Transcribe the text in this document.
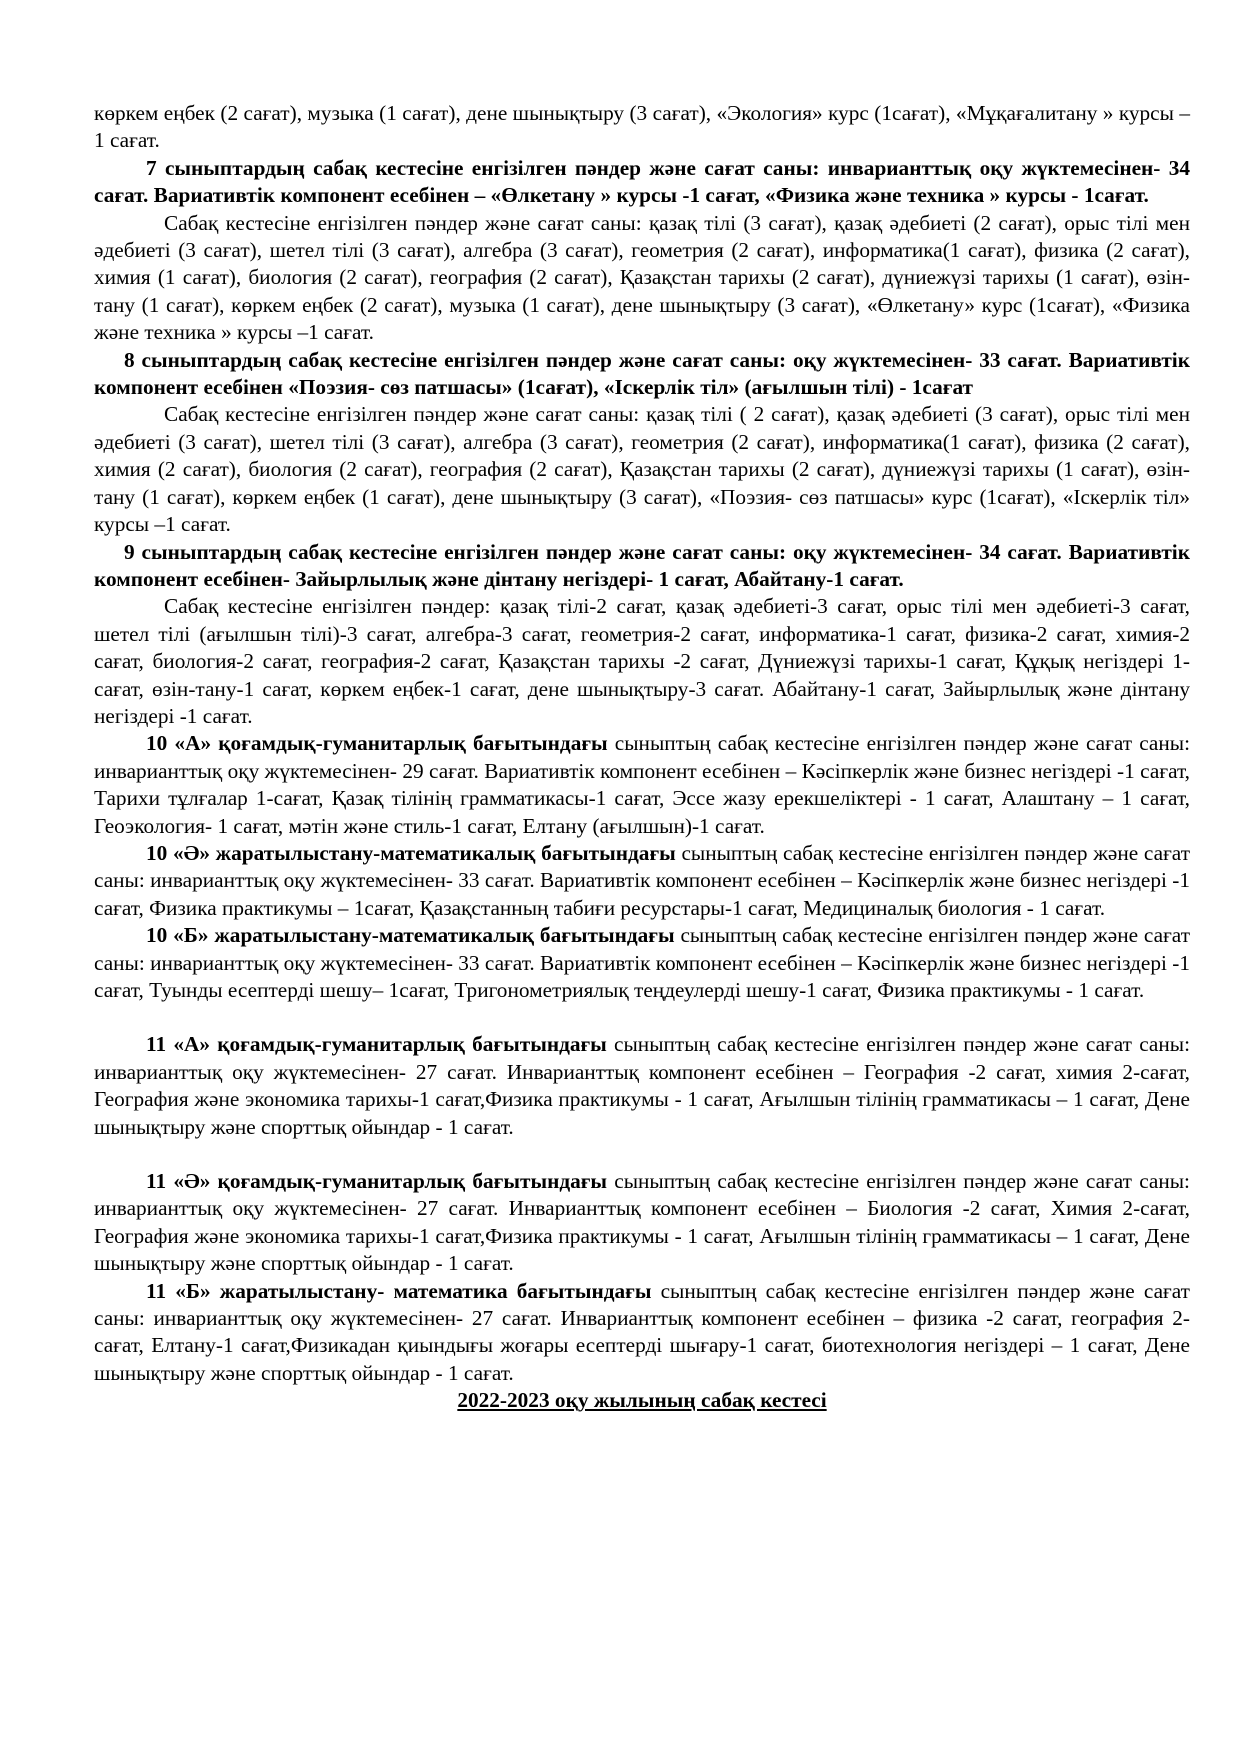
көркем еңбек (2 сағат), музыка (1 сағат), дене шынықтыру (3 сағат), «Экология» курс (1сағат), «Мұқағалитану » курсы –1 сағат.

7 сыныптардың сабақ кестесіне енгізілген пәндер және сағат саны: инварианттық оқу жүктемесінен- 34 сағат. Вариативтік компонент есебінен – «Өлкетану » курсы -1 сағат, «Физика және техника » курсы - 1сағат.

Сабақ кестесіне енгізілген пәндер және сағат саны: қазақ тілі (3 сағат), қазақ әдебиеті (2 сағат), орыс тілі мен әдебиеті (3 сағат), шетел тілі (3 сағат), алгебра (3 сағат), геометрия (2 сағат), информатика(1 сағат), физика (2 сағат), химия (1 сағат), биология (2 сағат), география (2 сағат), Қазақстан тарихы (2 сағат), дүниежүзі тарихы (1 сағат), өзін-тану (1 сағат), көркем еңбек (2 сағат), музыка (1 сағат), дене шынықтыру (3 сағат), «Өлкетану» курс (1сағат), «Физика және техника » курсы –1 сағат.

8 сыныптардың сабақ кестесіне енгізілген пәндер және сағат саны: оқу жүктемесінен- 33 сағат. Вариативтік компонент есебінен «Поэзия- сөз патшасы» (1сағат), «Іскерлік тіл» (ағылшын тілі) - 1сағат

Сабақ кестесіне енгізілген пәндер және сағат саны: қазақ тілі ( 2 сағат), қазақ әдебиеті (3 сағат), орыс тілі мен әдебиеті (3 сағат), шетел тілі (3 сағат), алгебра (3 сағат), геометрия (2 сағат), информатика(1 сағат), физика (2 сағат), химия (2 сағат), биология (2 сағат), география (2 сағат), Қазақстан тарихы (2 сағат), дүниежүзі тарихы (1 сағат), өзін-тану (1 сағат), көркем еңбек (1 сағат), дене шынықтыру (3 сағат), «Поэзия- сөз патшасы» курс (1сағат), «Іскерлік тіл» курсы –1 сағат.

9 сыныптардың сабақ кестесіне енгізілген пәндер және сағат саны: оқу жүктемесінен- 34 сағат. Вариативтік компонент есебінен- Зайырлылық және дінтану негіздері- 1 сағат, Абайтану-1 сағат.

Сабақ кестесіне енгізілген пәндер: қазақ тілі-2 сағат, қазақ әдебиеті-3 сағат, орыс тілі мен әдебиеті-3 сағат, шетел тілі (ағылшын тілі)-3 сағат, алгебра-3 сағат, геометрия-2 сағат, информатика-1 сағат, физика-2 сағат, химия-2 сағат, биология-2 сағат, география-2 сағат, Қазақстан тарихы -2 сағат, Дүниежүзі тарихы-1 сағат, Құқық негіздері 1-сағат, өзін-тану-1 сағат, көркем еңбек-1 сағат, дене шынықтыру-3 сағат. Абайтану-1 сағат, Зайырлылық және дінтану негіздері -1 сағат.

10 «А» қоғамдық-гуманитарлық бағытындағы сыныптың сабақ кестесіне енгізілген пәндер және сағат саны: инварианттық оқу жүктемесінен- 29 сағат. Вариативтік компонент есебінен – Кәсіпкерлік және бизнес негіздері -1 сағат, Тарихи тұлғалар 1-сағат, Қазақ тілінің грамматикасы-1 сағат, Эссе жазу ерекшеліктері - 1 сағат, Алаштану – 1 сағат, Геоэкология- 1 сағат, мәтін және стиль-1 сағат, Елтану (ағылшын)-1 сағат.

10 «Ә» жаратылыстану-математикалық бағытындағы сыныптың сабақ кестесіне енгізілген пәндер және сағат саны: инварианттық оқу жүктемесінен- 33 сағат. Вариативтік компонент есебінен – Кәсіпкерлік және бизнес негіздері -1 сағат, Физика практикумы – 1сағат, Қазақстанның табиғи ресурстары-1 сағат, Медициналық биология - 1 сағат.

10 «Б» жаратылыстану-математикалық бағытындағы сыныптың сабақ кестесіне енгізілген пәндер және сағат саны: инварианттық оқу жүктемесінен- 33 сағат. Вариативтік компонент есебінен – Кәсіпкерлік және бизнес негіздері -1 сағат, Туынды есептерді шешу– 1сағат, Тригонометриялық теңдеулерді шешу-1 сағат, Физика практикумы - 1 сағат.

11 «А» қоғамдық-гуманитарлық бағытындағы сыныптың сабақ кестесіне енгізілген пәндер және сағат саны: инварианттық оқу жүктемесінен- 27 сағат. Инварианттық компонент есебінен – География -2 сағат, химия 2-сағат, География және экономика тарихы-1 сағат,Физика практикумы - 1 сағат, Ағылшын тілінің грамматикасы – 1 сағат, Дене шынықтыру және спорттық ойындар - 1 сағат.

11 «Ә» қоғамдық-гуманитарлық бағытындағы сыныптың сабақ кестесіне енгізілген пәндер және сағат саны: инварианттық оқу жүктемесінен- 27 сағат. Инварианттық компонент есебінен – Биология -2 сағат, Химия 2-сағат, География және экономика тарихы-1 сағат,Физика практикумы - 1 сағат, Ағылшын тілінің грамматикасы – 1 сағат, Дене шынықтыру және спорттық ойындар - 1 сағат.

11 «Б» жаратылыстану- математика бағытындағы сыныптың сабақ кестесіне енгізілген пәндер және сағат саны: инварианттық оқу жүктемесінен- 27 сағат. Инварианттық компонент есебінен – физика -2 сағат, география 2-сағат, Елтану-1 сағат,Физикадан қиындығы жоғары есептерді шығару-1 сағат, биотехнология негіздері – 1 сағат, Дене шынықтыру және спорттық ойындар - 1 сағат.

2022-2023 оқу жылының сабақ кестесі
